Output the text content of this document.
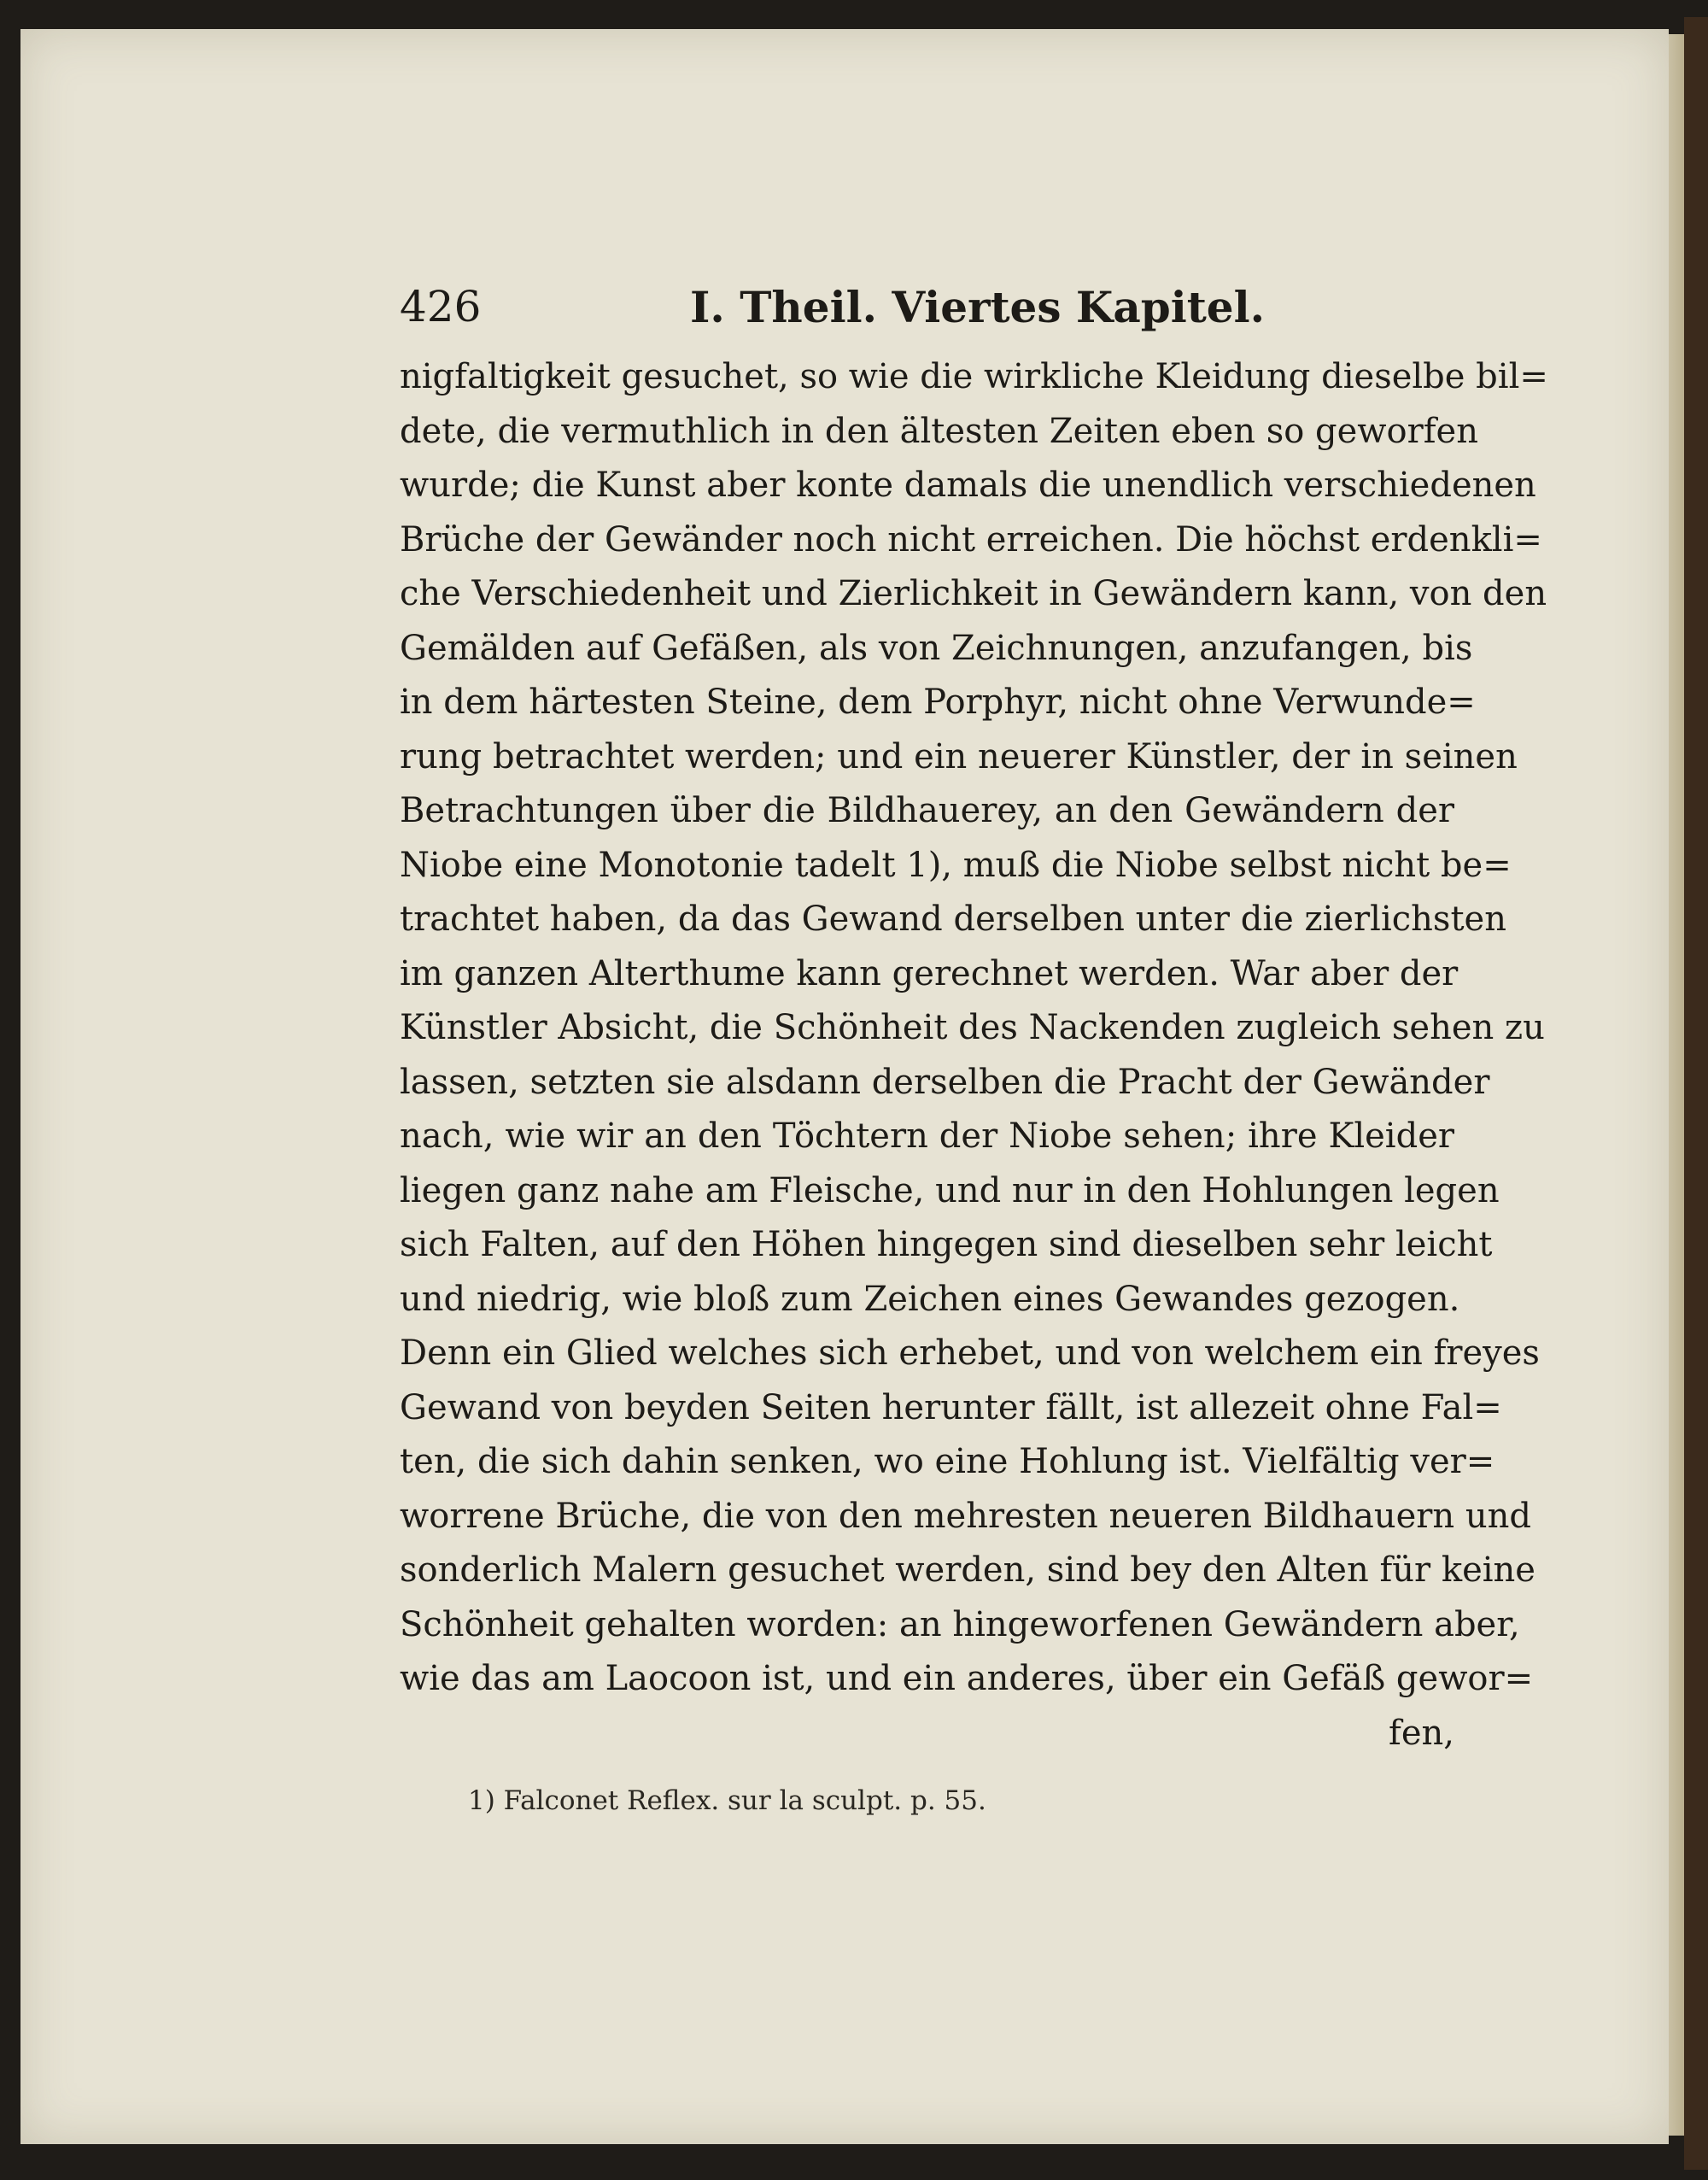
426	I. Theil. Viertes Kapitel.
nigfaltigkeit gesuchet, so wie die wirkliche Kleidung dieselbe bil=
dete, die vermuthlich in den ältesten Zeiten eben so geworfen
wurde; die Kunst aber konte damals die unendlich verschiedenen
Brüche der Gewänder noch nicht erreichen. Die höchst erdenkli=
che Verschiedenheit und Zierlichkeit in Gewändern kann, von den
Gemälden auf Gefäßen, als von Zeichnungen, anzufangen, bis
in dem härtesten Steine, dem Porphyr, nicht ohne Verwunde=
rung betrachtet werden; und ein neuerer Künstler, der in seinen
Betrachtungen über die Bildhauerey, an den Gewändern der
Niobe eine Monotonie tadelt 1), muß die Niobe selbst nicht be=
trachtet haben, da das Gewand derselben unter die zierlichsten
im ganzen Alterthume kann gerechnet werden. War aber der
Künstler Absicht, die Schönheit des Nackenden zugleich sehen zu
lassen, setzten sie alsdann derselben die Pracht der Gewänder
nach, wie wir an den Töchtern der Niobe sehen; ihre Kleider
liegen ganz nahe am Fleische, und nur in den Hohlungen legen
sich Falten, auf den Höhen hingegen sind dieselben sehr leicht
und niedrig, wie bloß zum Zeichen eines Gewandes gezogen.
Denn ein Glied welches sich erhebet, und von welchem ein freyes
Gewand von beyden Seiten herunter fällt, ist allezeit ohne Fal=
ten, die sich dahin senken, wo eine Hohlung ist. Vielfältig ver=
worrene Brüche, die von den mehresten neueren Bildhauern und
sonderlich Malern gesuchet werden, sind bey den Alten für keine
Schönheit gehalten worden: an hingeworfenen Gewändern aber,
wie das am Laocoon ist, und ein anderes, über ein Gefäß gewor=
fen,
1) Falconet Reflex. sur la sculpt. p. 55.
